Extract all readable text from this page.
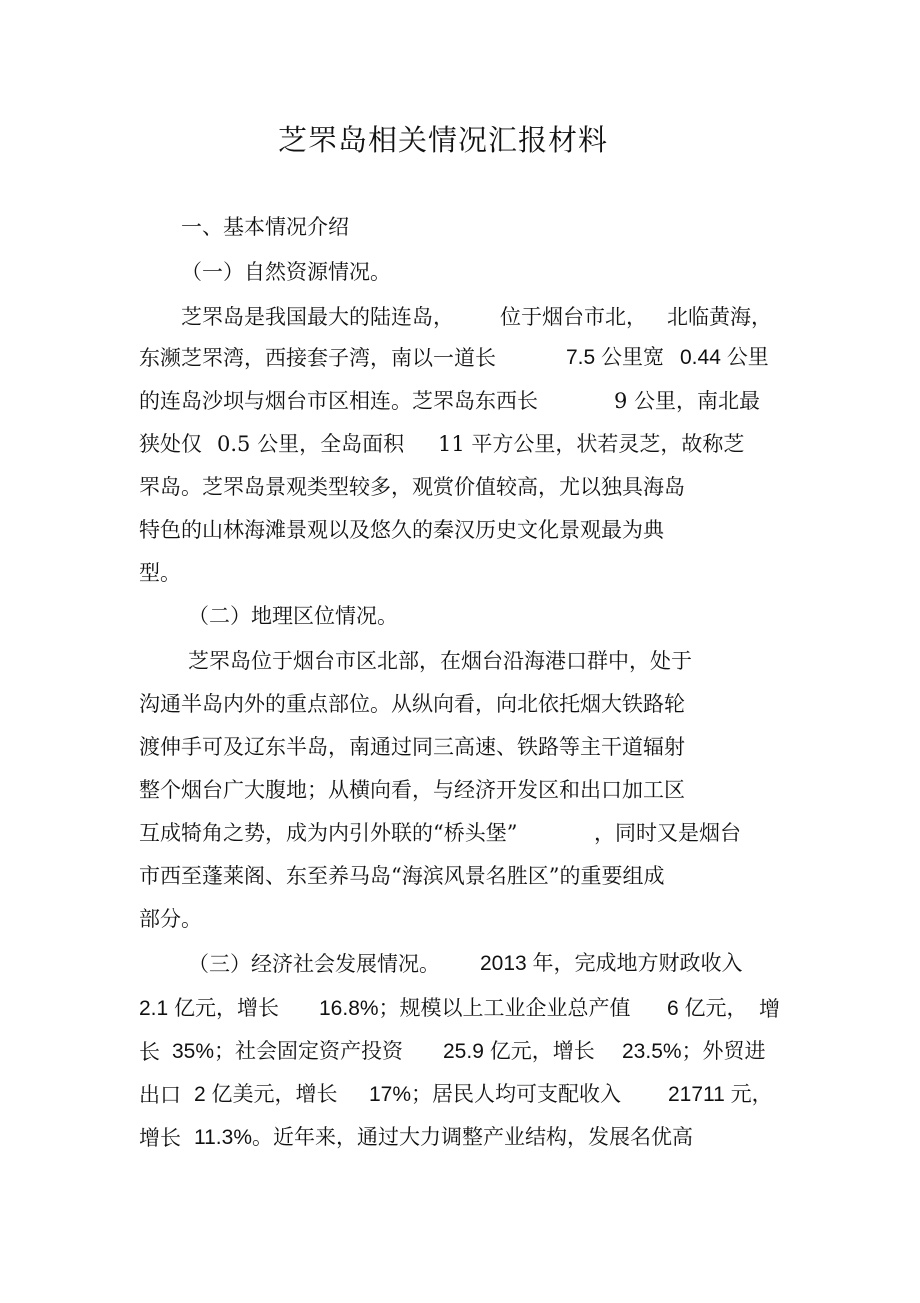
芝罘岛相关情况汇报材料
一、基本情况介绍
（一）自然资源情况。
芝罘岛是我国最大的陆连岛， 位于烟台市北， 北临黄海，
东濒芝罘湾，西接套子湾，南以一道长	7.5 公里宽 0.44 公里
的连岛沙坝与烟台市区相连。芝罘岛东西长	9 公里，南北最
狭处仅 0.5 公里，全岛面积 11 平方公里，状若灵芝，故称芝
罘岛。芝罘岛景观类型较多，观赏价值较高，尤以独具海岛
特色的山林海滩景观以及悠久的秦汉历史文化景观最为典
型。
（二）地理区位情况。
芝罘岛位于烟台市区北部，在烟台沿海港口群中，处于
沟通半岛内外的重点部位。从纵向看，向北依托烟大铁路轮
渡伸手可及辽东半岛，南通过同三高速、铁路等主干道辐射
整个烟台广大腹地；从横向看，与经济开发区和出口加工区
互成犄角之势，成为内引外联的“桥头堡”	，同时又是烟台
市西至蓬莱阁、东至养马岛“海滨风景名胜区”的重要组成
部分。
（三）经济社会发展情况。 2013 年，完成地方财政收入
2.1 亿元，增长 16.8%；规模以上工业企业总产值 6 亿元， 增
长 35%；社会固定资产投资 25.9 亿元，增长 23.5%；外贸进
出口 2 亿美元，增长 17%；居民人均可支配收入 21711 元，
增长 11.3%。近年来，通过大力调整产业结构，发展名优高
